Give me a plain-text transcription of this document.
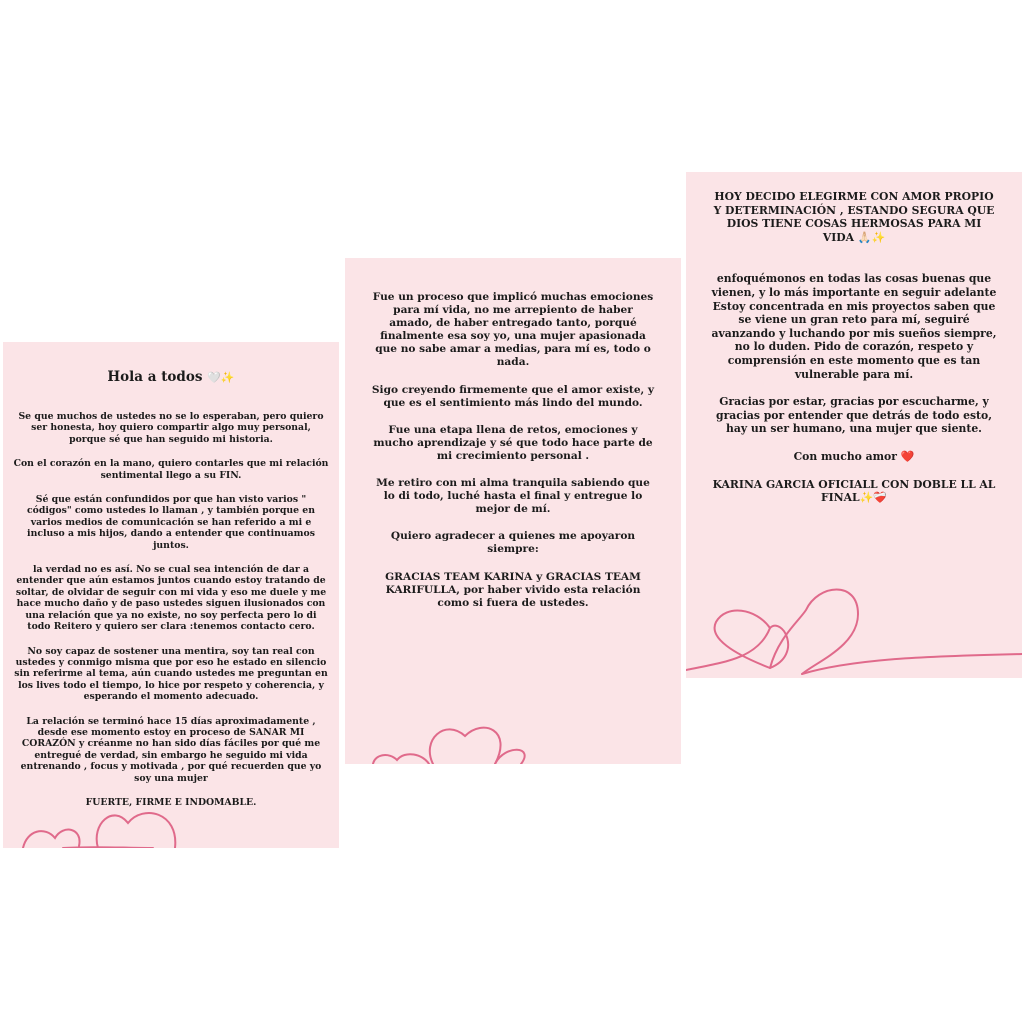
Hola a todos 🤍✨

Se que muchos de ustedes no se lo esperaban, pero quiero ser honesta, hoy quiero compartir algo muy personal, porque sé que han seguido mi historia.

Con el corazón en la mano, quiero contarles que mi relación sentimental llego a su FIN.

Sé que están confundidos por que han visto varios " códigos" como ustedes lo llaman , y también porque en varios medios de comunicación se han referido a mi e incluso a mis hijos, dando a entender que continuamos juntos.

la verdad no es así. No se cual sea intención de dar a entender que aún estamos juntos cuando estoy tratando de soltar, de olvidar de seguir con mi vida y eso me duele y me hace mucho daño y de paso ustedes siguen ilusionados con una relación que ya no existe, no soy perfecta pero lo di todo Reitero y quiero ser clara :tenemos contacto cero.

No soy capaz de sostener una mentira, soy tan real con ustedes y conmigo misma que por eso he estado en silencio sin referirme al tema, aún cuando ustedes me preguntan en los lives todo el tiempo, lo hice por respeto y coherencia, y esperando el momento adecuado.

La relación se terminó hace 15 días aproximadamente , desde ese momento estoy en proceso de SANAR MI CORAZÓN y créanme no han sido días fáciles por qué me entregué de verdad, sin embargo he seguido mi vida entrenando , focus y motivada , por qué recuerden que yo soy una mujer

FUERTE, FIRME E INDOMABLE.

Fue un proceso que implicó muchas emociones para mí vida, no me arrepiento de haber amado, de haber entregado tanto, porqué finalmente esa soy yo, una mujer apasionada que no sabe amar a medias, para mí es, todo o nada.

Sigo creyendo firmemente que el amor existe, y que es el sentimiento más lindo del mundo.

Fue una etapa llena de retos, emociones y mucho aprendizaje y sé que todo hace parte de mi crecimiento personal .

Me retiro con mi alma tranquila sabiendo que lo di todo, luché hasta el final y entregue lo mejor de mí.

Quiero agradecer a quienes me apoyaron siempre:

GRACIAS TEAM KARINA y GRACIAS TEAM KARIFULLA, por haber vivido esta relación como si fuera de ustedes.

HOY DECIDO ELEGIRME CON AMOR PROPIO Y DETERMINACIÓN , ESTANDO SEGURA QUE DIOS TIENE COSAS HERMOSAS PARA MI VIDA 🙏🏻✨

enfoquémonos en todas las cosas buenas que vienen, y lo más importante en seguir adelante Estoy concentrada en mis proyectos saben que se viene un gran reto para mí, seguiré avanzando y luchando por mis sueños siempre, no lo duden. Pido de corazón, respeto y comprensión en este momento que es tan vulnerable para mí.

Gracias por estar, gracias por escucharme, y gracias por entender que detrás de todo esto, hay un ser humano, una mujer que siente.

Con mucho amor ❤️

KARINA GARCIA OFICIALL CON DOBLE LL AL FINAL✨❤️‍🩹
